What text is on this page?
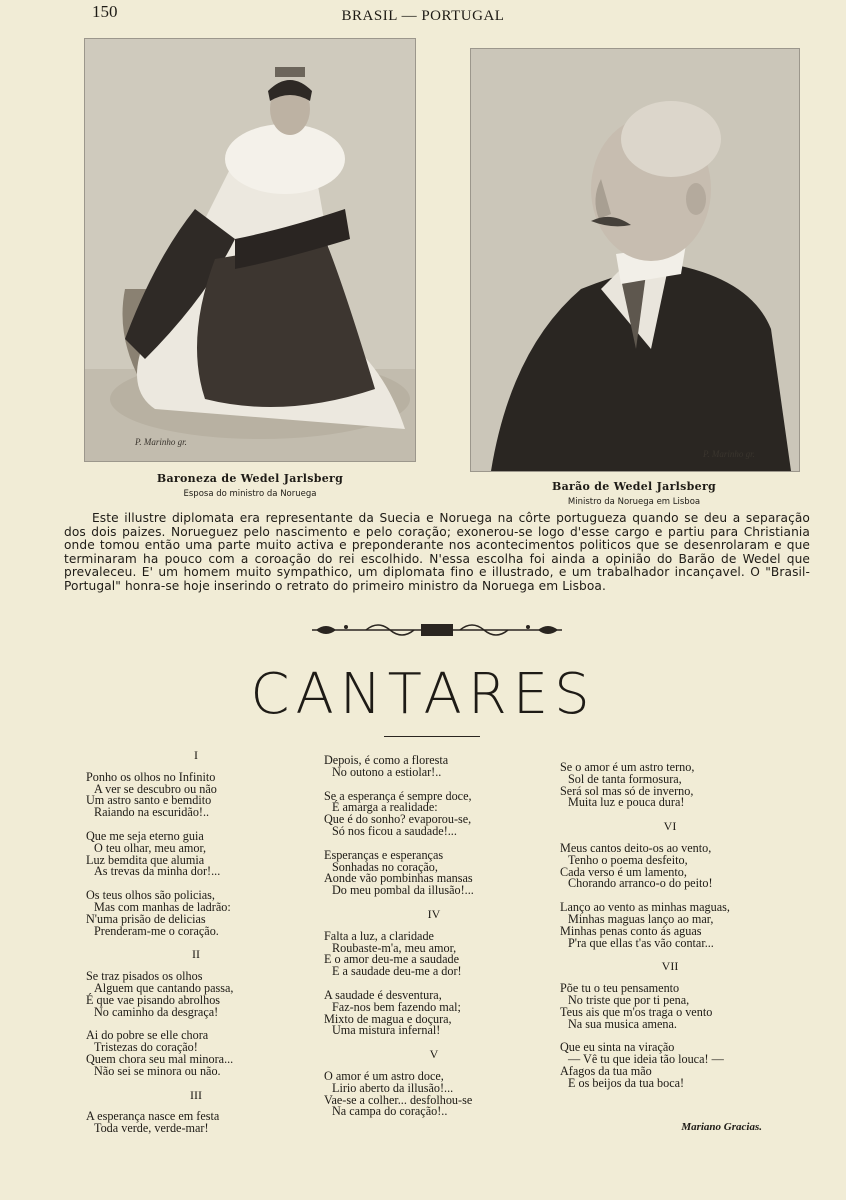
150	BRASIL — PORTUGAL
P. Marinho gr.
P. Marinho gr.
Baroneza de Wedel Jarlsberg
Esposa do ministro da Noruega
Barão de Wedel Jarlsberg
Ministro da Noruega em Lisboa

Este illustre diplomata era representante da Suecia e Noruega na côrte portugueza quando se deu a separação dos dois paizes. Norueguez pelo nascimento e pelo coração; exonerou-se logo d'esse cargo e partiu para Christiania onde tomou então uma parte muito activa e preponderante nos acontecimentos politicos que se desenrolaram e que terminaram ha pouco com a coroação do rei escolhido. N'essa escolha foi ainda a opinião do Barão de Wedel que prevaleceu. E' um homem muito sympathico, um diplomata fino e illustrado, e um trabalhador incançavel. O "Brasil-Portugal" honra-se hoje inserindo o retrato do primeiro ministro da Noruega em Lisboa.

CANTARES
I
Ponho os olhos no Infinito
A ver se descubro ou não
Um astro santo e bemdito
Raiando na escuridão!..
Que me seja eterno guia
O teu olhar, meu amor,
Luz bemdita que alumia
As trevas da minha dor!...
Os teus olhos são policias,
Mas com manhas de ladrão:
N'uma prisão de delicias
Prenderam-me o coração.
II
Se traz pisados os olhos
Alguem que cantando passa,
É que vae pisando abrolhos
No caminho da desgraça!
Ai do pobre se elle chora
Tristezas do coração!
Quem chora seu mal minora...
Não sei se minora ou não.
III
A esperança nasce em festa
Toda verde, verde-mar!
Depois, é como a floresta
No outono a estiolar!..
Se a esperança é sempre doce,
É amarga a realidade:
Que é do sonho? evaporou-se,
Só nos ficou a saudade!...
Esperanças e esperanças
Sonhadas no coração,
Aonde vão pombinhas mansas
Do meu pombal da illusão!...
IV
Falta a luz, a claridade
Roubaste-m'a, meu amor,
E o amor deu-me a saudade
E a saudade deu-me a dor!
A saudade é desventura,
Faz-nos bem fazendo mal;
Mixto de magua e doçura,
Uma mistura infernal!
V
O amor é um astro doce,
Lirio aberto da illusão!...
Vae-se a colher... desfolhou-se
Na campa do coração!..
Se o amor é um astro terno,
Sol de tanta formosura,
Será sol mas só de inverno,
Muita luz e pouca dura!
VI
Meus cantos deito-os ao vento,
Tenho o poema desfeito,
Cada verso é um lamento,
Chorando arranco-o do peito!
Lanço ao vento as minhas maguas,
Minhas maguas lanço ao mar,
Minhas penas conto ás aguas
P'ra que ellas t'as vão contar...
VII
Põe tu o teu pensamento
No triste que por ti pena,
Teus ais que m'os traga o vento
Na sua musica amena.
Que eu sinta na viração
— Vê tu que ideia tão louca! —
Afagos da tua mão
E os beijos da tua boca!
Mariano Gracias.
